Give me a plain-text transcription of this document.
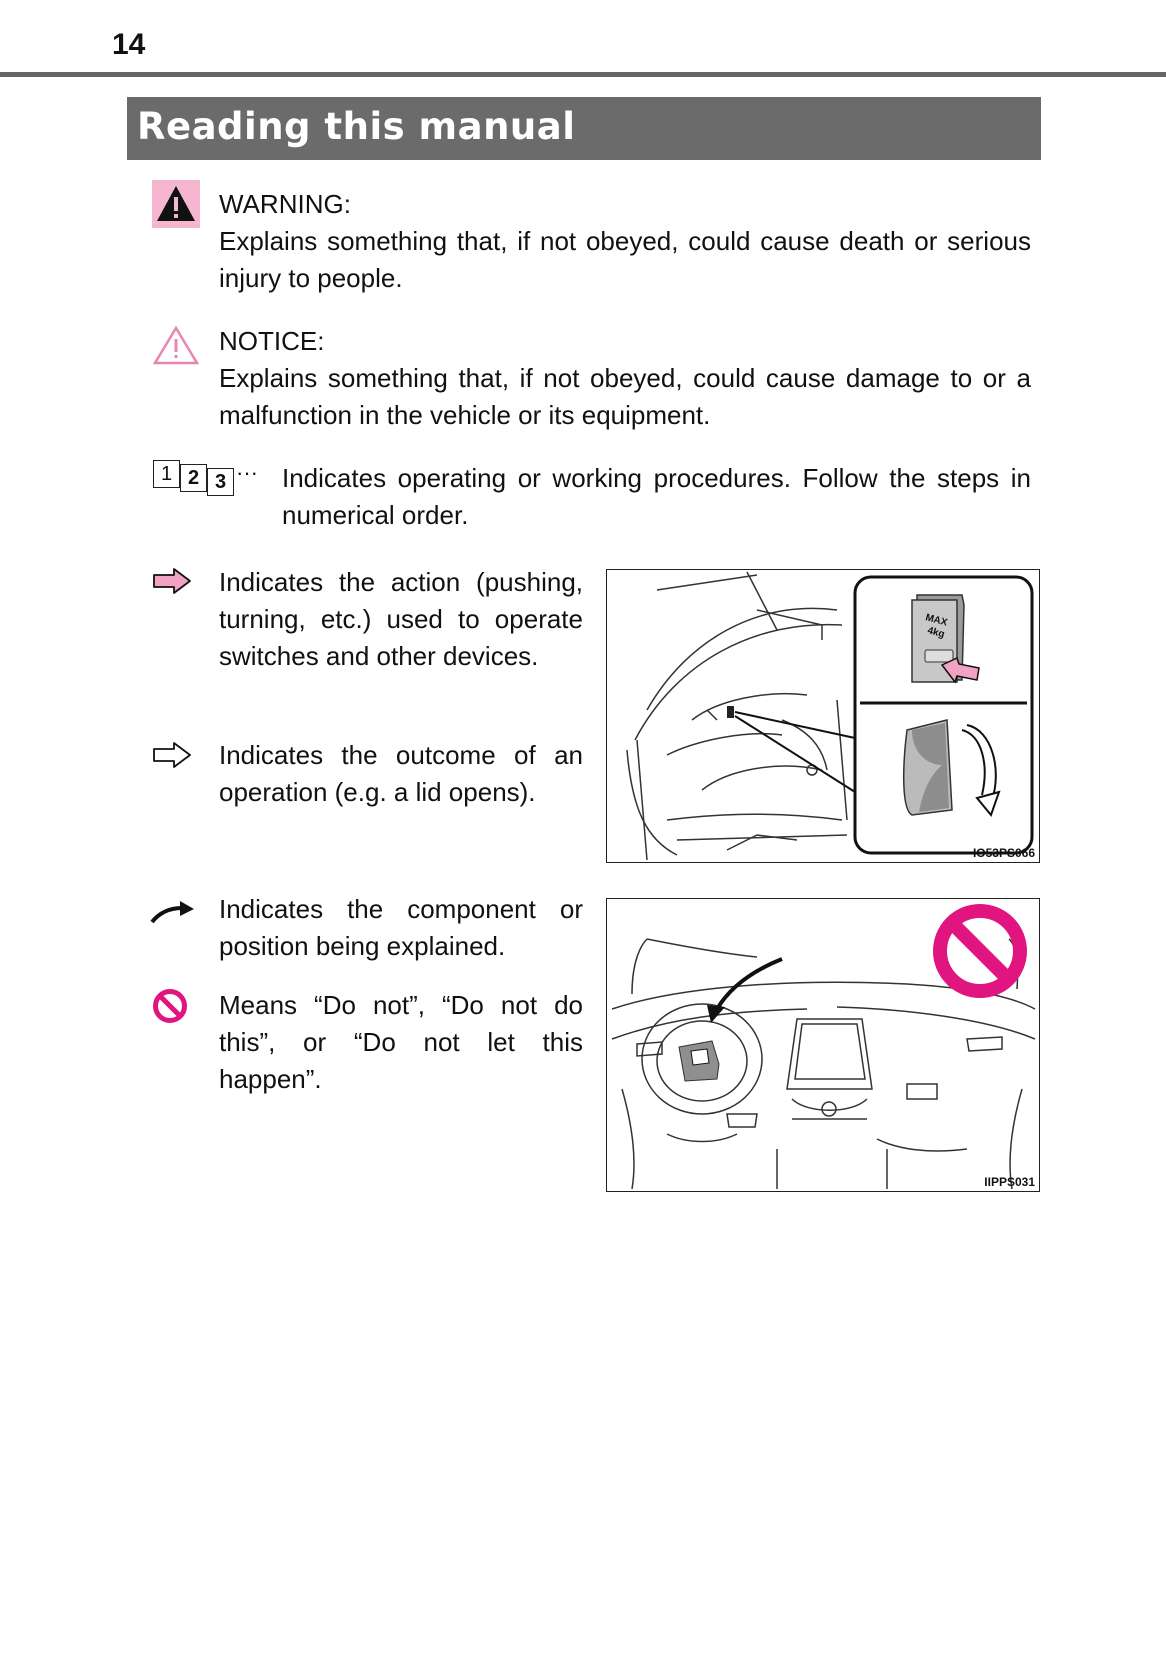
14
Reading this manual
WARNING:
Explains something that, if not obeyed, could cause death or serious injury to people.
NOTICE:
Explains something that, if not obeyed, could cause damage to or a malfunction in the vehicle or its equipment.
1 2 3 ··· Indicates operating or working procedures. Follow the steps in numerical order.
Indicates the action (pushing, turning, etc.) used to operate switches and other devices.
Indicates the outcome of an operation (e.g. a lid opens).
Indicates the component or position being explained.
Means “Do not”, “Do not do this”, or “Do not let this happen”.
MAX
4kg
IO53PS066
IIPPS031
